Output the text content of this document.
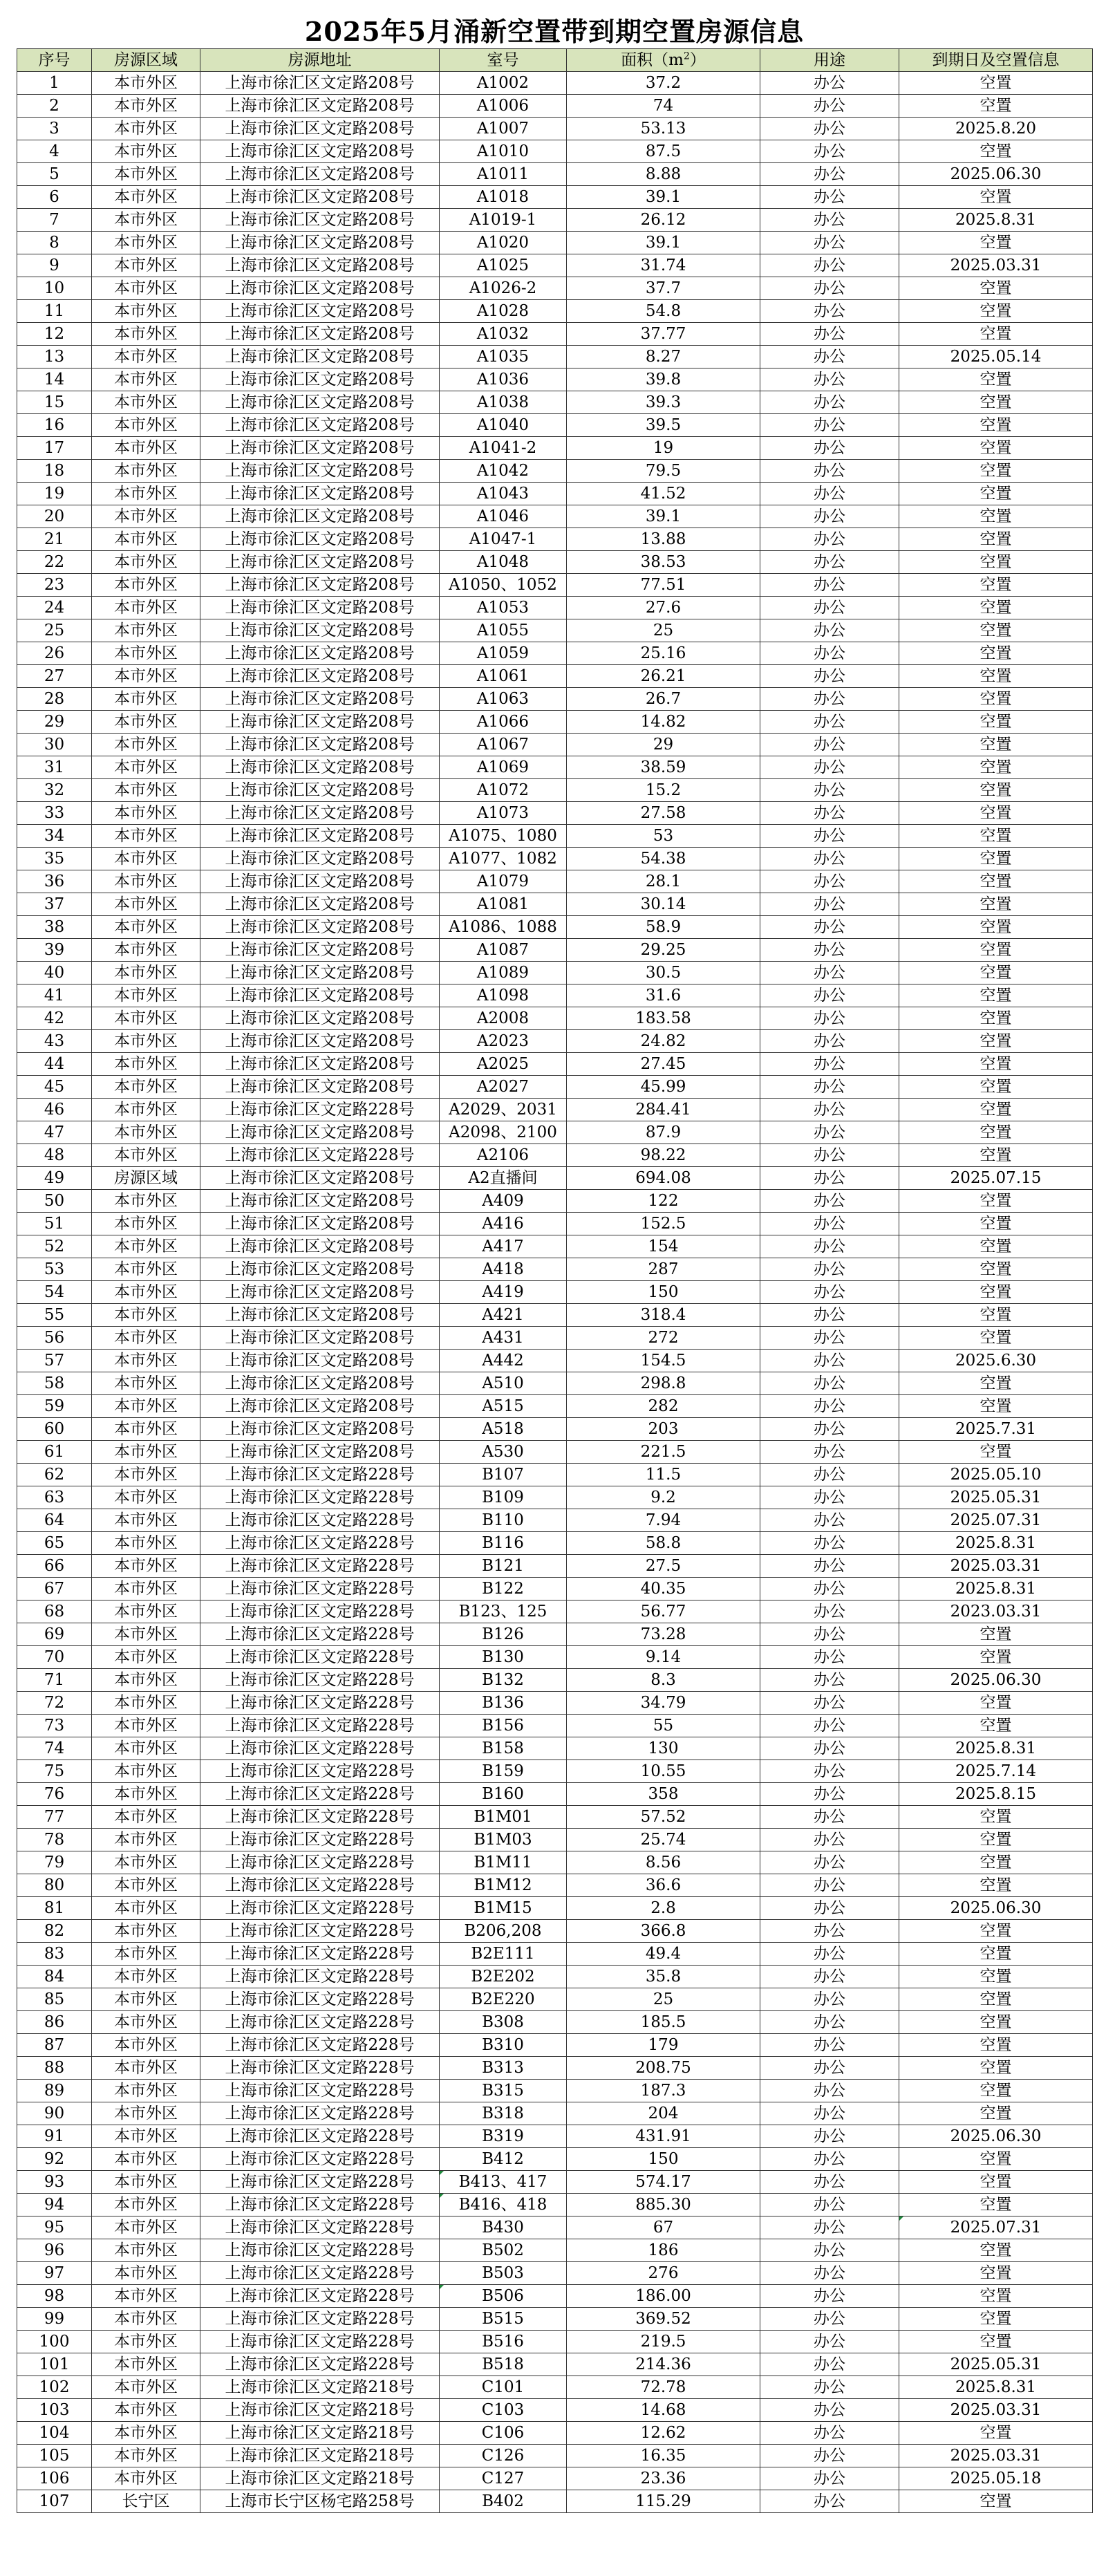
2025年5月涌新空置带到期空置房源信息
序号	房源区域	房源地址	室号	面积$(m^2)$	用途	到期日及空置信息
1	本市外区	上海市徐汇区文定路208号	A1002	37.2	办公	空置
2	本市外区	上海市徐汇区文定路208号	A1006	74	办公	空置
3	本市外区	上海市徐汇区文定路208号	A1007	53.13	办公	2025.8.20
4	本市外区	上海市徐汇区文定路208号	A1010	87.5	办公	空置
5	本市外区	上海市徐汇区文定路208号	A1011	8.88	办公	2025.06.30
6	本市外区	上海市徐汇区文定路208号	A1018	39.1	办公	空置
7	本市外区	上海市徐汇区文定路208号	A1019-1	26.12	办公	2025.8.31
8	本市外区	上海市徐汇区文定路208号	A1020	39.1	办公	空置
9	本市外区	上海市徐汇区文定路208号	A1025	31.74	办公	2025.03.31
10	本市外区	上海市徐汇区文定路208号	A1026-2	37.7	办公	空置
11	本市外区	上海市徐汇区文定路208号	A1028	54.8	办公	空置
12	本市外区	上海市徐汇区文定路208号	A1032	37.77	办公	空置
13	本市外区	上海市徐汇区文定路208号	A1035	8.27	办公	2025.05.14
14	本市外区	上海市徐汇区文定路208号	A1036	39.8	办公	空置
15	本市外区	上海市徐汇区文定路208号	A1038	39.3	办公	空置
16	本市外区	上海市徐汇区文定路208号	A1040	39.5	办公	空置
17	本市外区	上海市徐汇区文定路208号	A1041-2	19	办公	空置
18	本市外区	上海市徐汇区文定路208号	A1042	79.5	办公	空置
19	本市外区	上海市徐汇区文定路208号	A1043	41.52	办公	空置
20	本市外区	上海市徐汇区文定路208号	A1046	39.1	办公	空置
21	本市外区	上海市徐汇区文定路208号	A1047-1	13.88	办公	空置
22	本市外区	上海市徐汇区文定路208号	A1048	38.53	办公	空置
23	本市外区	上海市徐汇区文定路208号	A1050、1052	77.51	办公	空置
24	本市外区	上海市徐汇区文定路208号	A1053	27.6	办公	空置
25	本市外区	上海市徐汇区文定路208号	A1055	25	办公	空置
26	本市外区	上海市徐汇区文定路208号	A1059	25.16	办公	空置
27	本市外区	上海市徐汇区文定路208号	A1061	26.21	办公	空置
28	本市外区	上海市徐汇区文定路208号	A1063	26.7	办公	空置
29	本市外区	上海市徐汇区文定路208号	A1066	14.82	办公	空置
30	本市外区	上海市徐汇区文定路208号	A1067	29	办公	空置
31	本市外区	上海市徐汇区文定路208号	A1069	38.59	办公	空置
32	本市外区	上海市徐汇区文定路208号	A1072	15.2	办公	空置
33	本市外区	上海市徐汇区文定路208号	A1073	27.58	办公	空置
34	本市外区	上海市徐汇区文定路208号	A1075、1080	53	办公	空置
35	本市外区	上海市徐汇区文定路208号	A1077、1082	54.38	办公	空置
36	本市外区	上海市徐汇区文定路208号	A1079	28.1	办公	空置
37	本市外区	上海市徐汇区文定路208号	A1081	30.14	办公	空置
38	本市外区	上海市徐汇区文定路208号	A1086、1088	58.9	办公	空置
39	本市外区	上海市徐汇区文定路208号	A1087	29.25	办公	空置
40	本市外区	上海市徐汇区文定路208号	A1089	30.5	办公	空置
41	本市外区	上海市徐汇区文定路208号	A1098	31.6	办公	空置
42	本市外区	上海市徐汇区文定路208号	A2008	183.58	办公	空置
43	本市外区	上海市徐汇区文定路208号	A2023	24.82	办公	空置
44	本市外区	上海市徐汇区文定路208号	A2025	27.45	办公	空置
45	本市外区	上海市徐汇区文定路208号	A2027	45.99	办公	空置
46	本市外区	上海市徐汇区文定路228号	A2029、2031	284.41	办公	空置
47	本市外区	上海市徐汇区文定路208号	A2098、2100	87.9	办公	空置
48	本市外区	上海市徐汇区文定路228号	A2106	98.22	办公	空置
49	房源区域	上海市徐汇区文定路208号	A2直播间	694.08	办公	2025.07.15
50	本市外区	上海市徐汇区文定路208号	A409	122	办公	空置
51	本市外区	上海市徐汇区文定路208号	A416	152.5	办公	空置
52	本市外区	上海市徐汇区文定路208号	A417	154	办公	空置
53	本市外区	上海市徐汇区文定路208号	A418	287	办公	空置
54	本市外区	上海市徐汇区文定路208号	A419	150	办公	空置
55	本市外区	上海市徐汇区文定路208号	A421	318.4	办公	空置
56	本市外区	上海市徐汇区文定路208号	A431	272	办公	空置
57	本市外区	上海市徐汇区文定路208号	A442	154.5	办公	2025.6.30
58	本市外区	上海市徐汇区文定路208号	A510	298.8	办公	空置
59	本市外区	上海市徐汇区文定路208号	A515	282	办公	空置
60	本市外区	上海市徐汇区文定路208号	A518	203	办公	2025.7.31
61	本市外区	上海市徐汇区文定路208号	A530	221.5	办公	空置
62	本市外区	上海市徐汇区文定路228号	B107	11.5	办公	2025.05.10
63	本市外区	上海市徐汇区文定路228号	B109	9.2	办公	2025.05.31
64	本市外区	上海市徐汇区文定路228号	B110	7.94	办公	2025.07.31
65	本市外区	上海市徐汇区文定路228号	B116	58.8	办公	2025.8.31
66	本市外区	上海市徐汇区文定路228号	B121	27.5	办公	2025.03.31
67	本市外区	上海市徐汇区文定路228号	B122	40.35	办公	2025.8.31
68	本市外区	上海市徐汇区文定路228号	B123、125	56.77	办公	2023.03.31
69	本市外区	上海市徐汇区文定路228号	B126	73.28	办公	空置
70	本市外区	上海市徐汇区文定路228号	B130	9.14	办公	空置
71	本市外区	上海市徐汇区文定路228号	B132	8.3	办公	2025.06.30
72	本市外区	上海市徐汇区文定路228号	B136	34.79	办公	空置
73	本市外区	上海市徐汇区文定路228号	B156	55	办公	空置
74	本市外区	上海市徐汇区文定路228号	B158	130	办公	2025.8.31
75	本市外区	上海市徐汇区文定路228号	B159	10.55	办公	2025.7.14
76	本市外区	上海市徐汇区文定路228号	B160	358	办公	2025.8.15
77	本市外区	上海市徐汇区文定路228号	B1M01	57.52	办公	空置
78	本市外区	上海市徐汇区文定路228号	B1M03	25.74	办公	空置
79	本市外区	上海市徐汇区文定路228号	B1M11	8.56	办公	空置
80	本市外区	上海市徐汇区文定路228号	B1M12	36.6	办公	空置
81	本市外区	上海市徐汇区文定路228号	B1M15	2.8	办公	2025.06.30
82	本市外区	上海市徐汇区文定路228号	B206,208	366.8	办公	空置
83	本市外区	上海市徐汇区文定路228号	B2E111	49.4	办公	空置
84	本市外区	上海市徐汇区文定路228号	B2E202	35.8	办公	空置
85	本市外区	上海市徐汇区文定路228号	B2E220	25	办公	空置
86	本市外区	上海市徐汇区文定路228号	B308	185.5	办公	空置
87	本市外区	上海市徐汇区文定路228号	B310	179	办公	空置
88	本市外区	上海市徐汇区文定路228号	B313	208.75	办公	空置
89	本市外区	上海市徐汇区文定路228号	B315	187.3	办公	空置
90	本市外区	上海市徐汇区文定路228号	B318	204	办公	空置
91	本市外区	上海市徐汇区文定路228号	B319	431.91	办公	2025.06.30
92	本市外区	上海市徐汇区文定路228号	B412	150	办公	空置
93	本市外区	上海市徐汇区文定路228号	B413、417	574.17	办公	空置
94	本市外区	上海市徐汇区文定路228号	B416、418	885.30	办公	空置
95	本市外区	上海市徐汇区文定路228号	B430	67	办公	2025.07.31
96	本市外区	上海市徐汇区文定路228号	B502	186	办公	空置
97	本市外区	上海市徐汇区文定路228号	B503	276	办公	空置
98	本市外区	上海市徐汇区文定路228号	B506	186.00	办公	空置
99	本市外区	上海市徐汇区文定路228号	B515	369.52	办公	空置
100	本市外区	上海市徐汇区文定路228号	B516	219.5	办公	空置
101	本市外区	上海市徐汇区文定路228号	B518	214.36	办公	2025.05.31
102	本市外区	上海市徐汇区文定路218号	C101	72.78	办公	2025.8.31
103	本市外区	上海市徐汇区文定路218号	C103	14.68	办公	2025.03.31
104	本市外区	上海市徐汇区文定路218号	C106	12.62	办公	空置
105	本市外区	上海市徐汇区文定路218号	C126	16.35	办公	2025.03.31
106	本市外区	上海市徐汇区文定路218号	C127	23.36	办公	2025.05.18
107	长宁区	上海市长宁区杨宅路258号	B402	115.29	办公	空置
